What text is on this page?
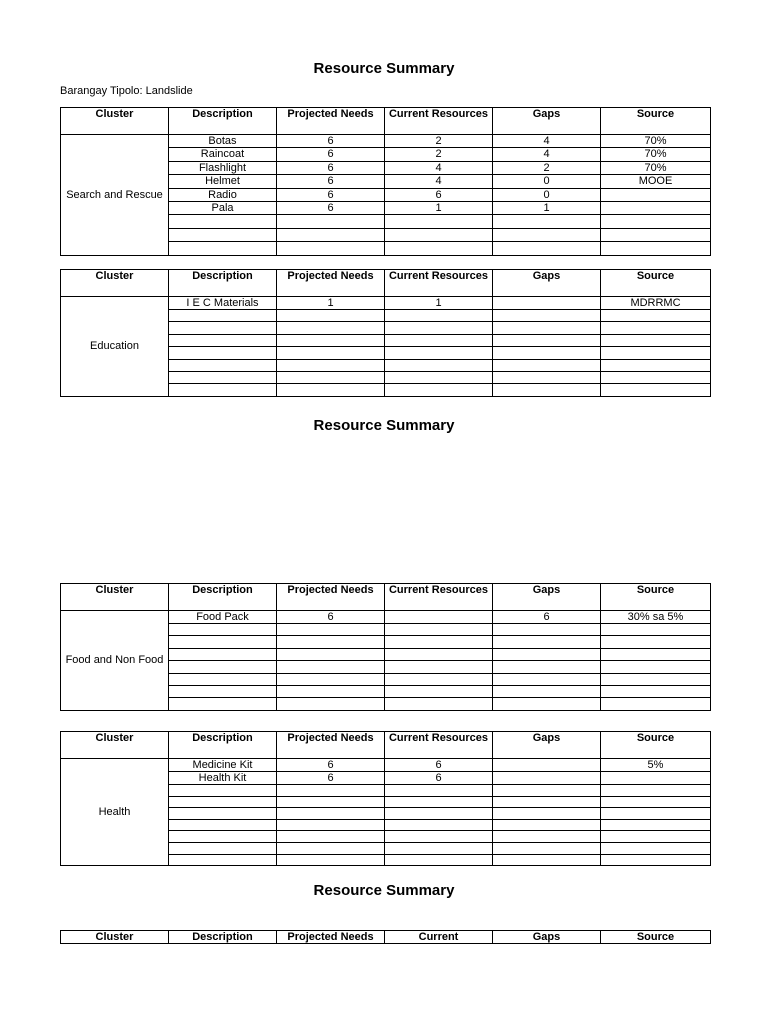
Resource Summary
Barangay Tipolo: Landslide
Cluster	Description	Projected Needs	Current Resources	Gaps	Source
Search and Rescue	Botas	6	2	4	70%
	Raincoat	6	2	4	70%
	Flashlight	6	4	2	70%
	Helmet	6	4	0	MOOE
	Radio	6	6	0	
	Pala	6	1	1	

Cluster	Description	Projected Needs	Current Resources	Gaps	Source
Education	I E C Materials	1	1		MDRRMC

Resource Summary
Cluster	Description	Projected Needs	Current Resources	Gaps	Source
Food and Non Food	Food Pack	6		6	30% sa 5%

Cluster	Description	Projected Needs	Current Resources	Gaps	Source
Health	Medicine Kit	6	6		5%
	Health Kit	6	6		

Resource Summary
Cluster	Description	Projected Needs	Current	Gaps	Source
